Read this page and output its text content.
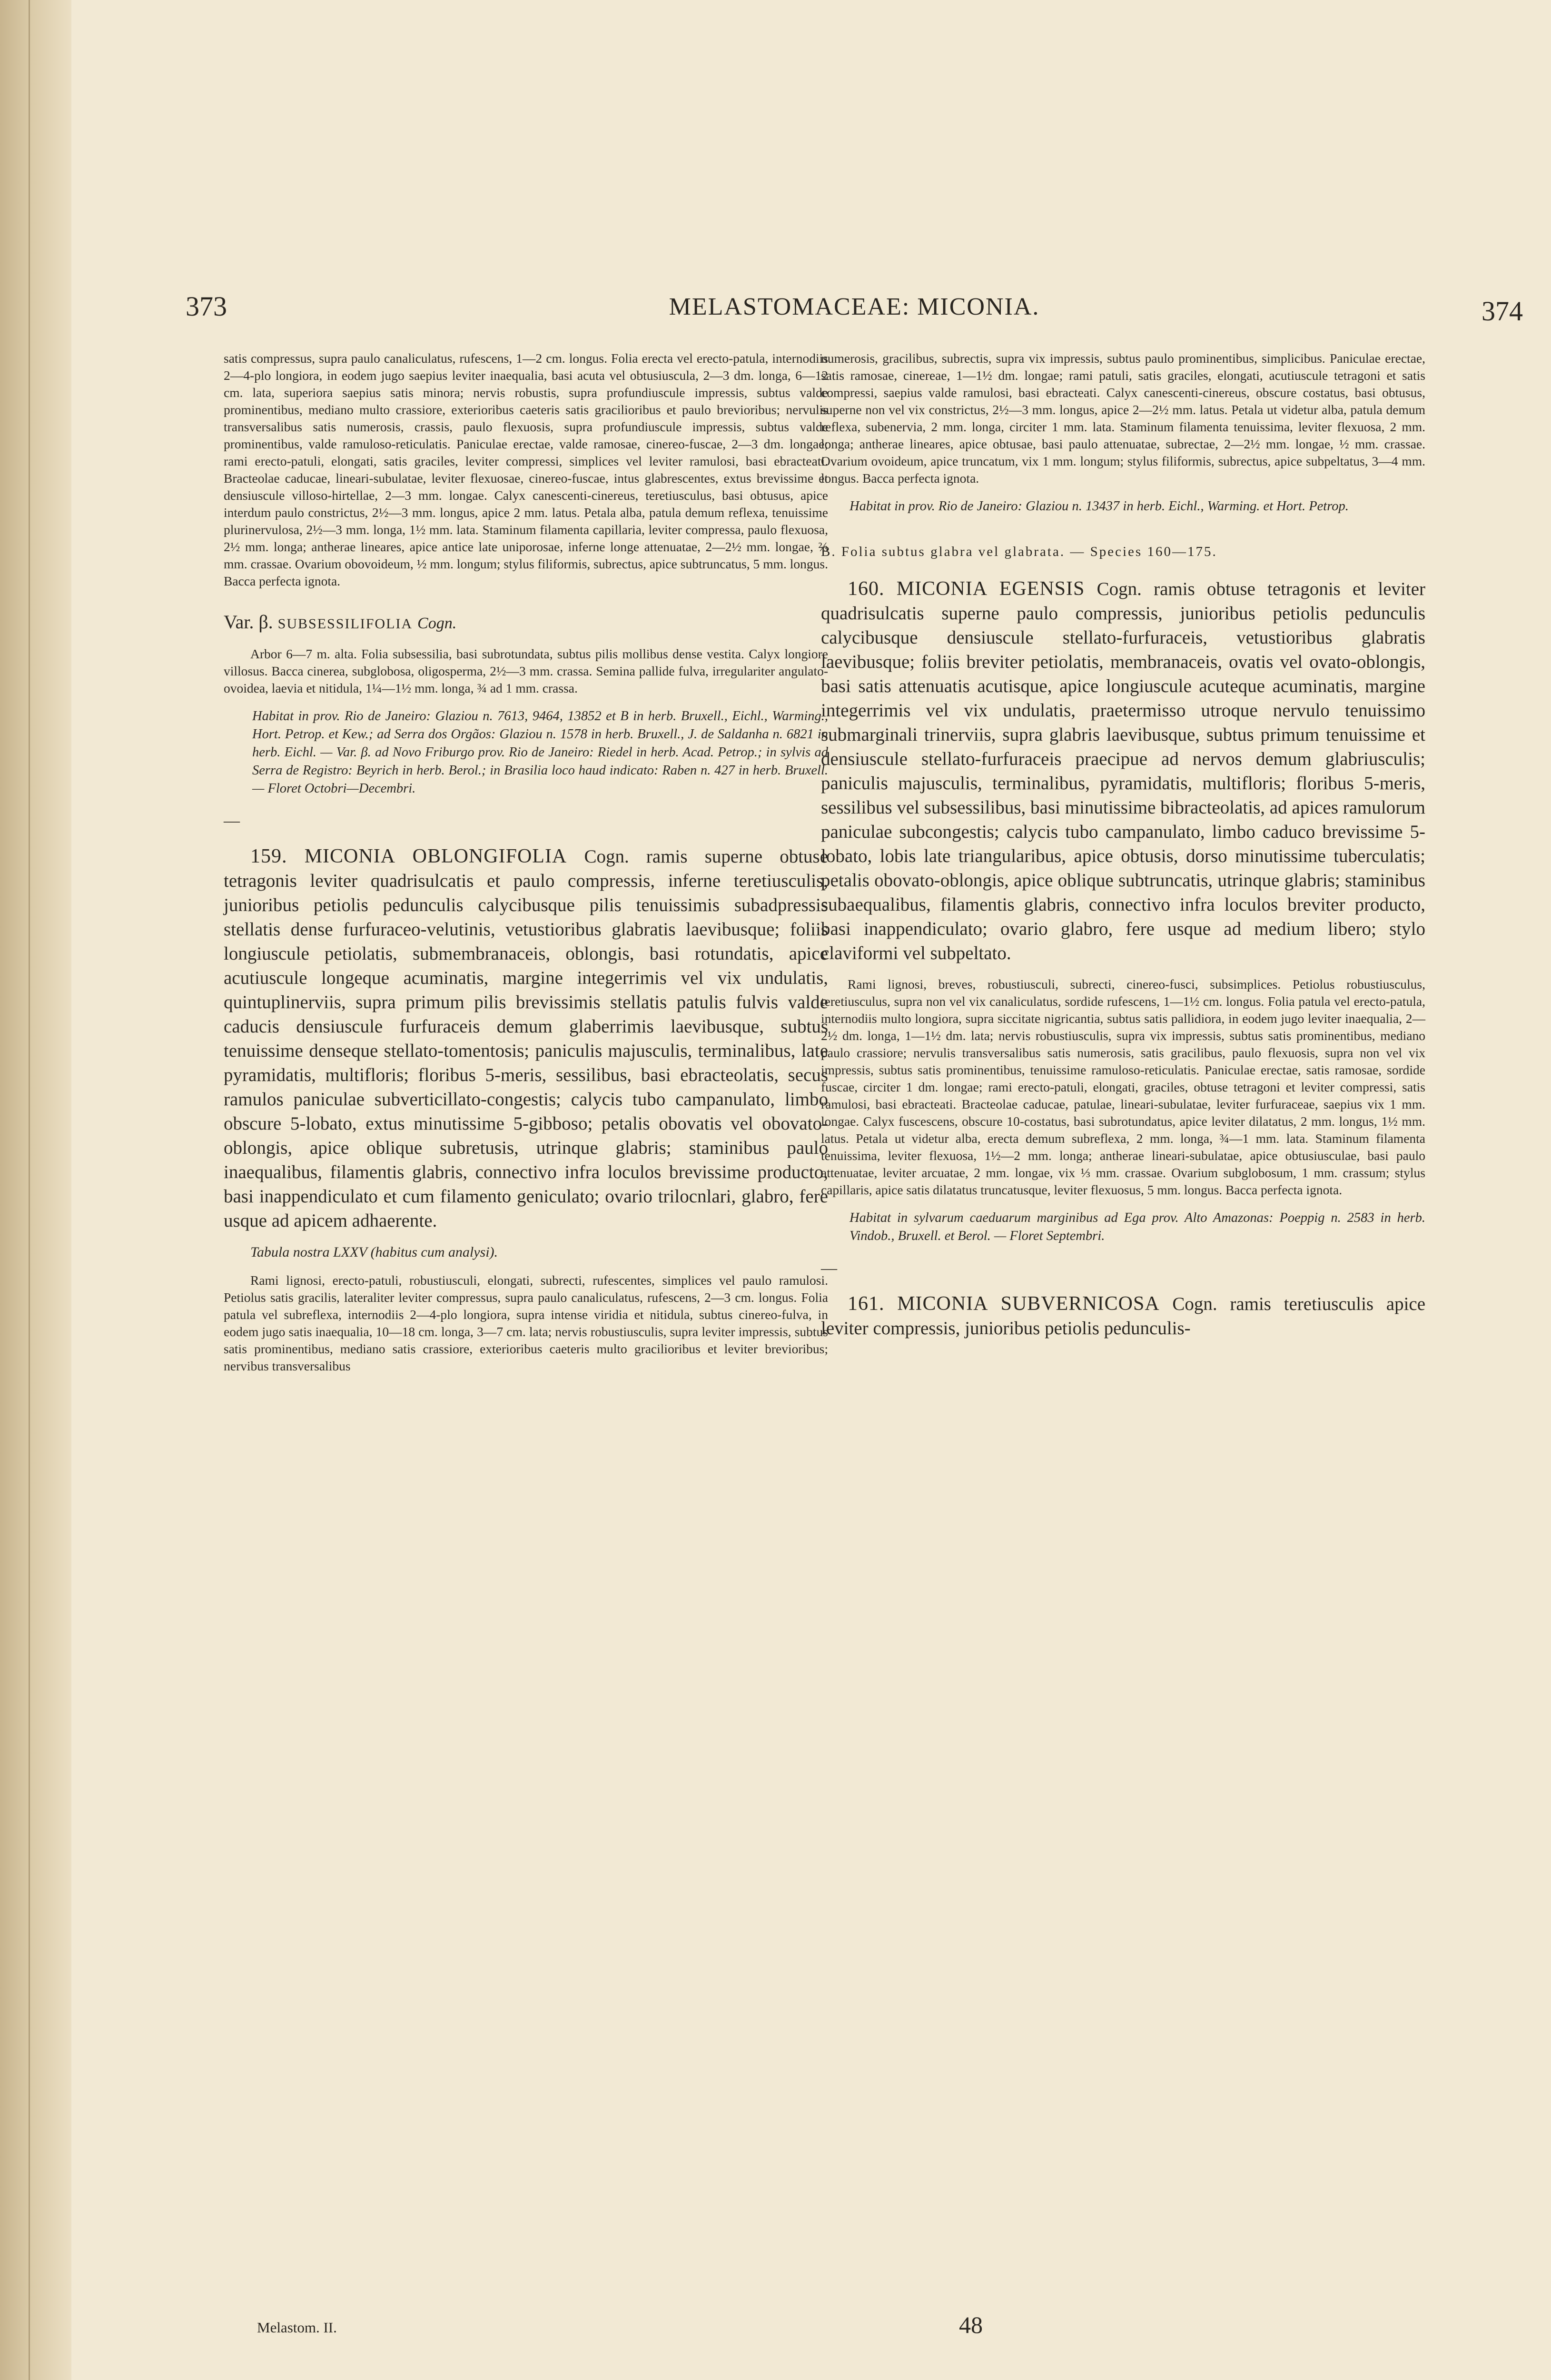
373	MELASTOMACEAE: MICONIA.	374

satis compressus, supra paulo canaliculatus, rufescens, 1—2 cm. longus. Folia erecta vel erecto-patula, internodiis 2—4-plo longiora, in eodem jugo saepius leviter inaequalia, basi acuta vel obtusiuscula, 2—3 dm. longa, 6—12 cm. lata, superiora saepius satis minora; nervis robustis, supra profundiuscule impressis, subtus valde prominentibus, mediano multo crassiore, exterioribus caeteris satis gracilioribus et paulo brevioribus; nervulis transversalibus satis numerosis, crassis, paulo flexuosis, supra profundiuscule impressis, subtus valde prominentibus, valde ramuloso-reticulatis. Paniculae erectae, valde ramosae, cinereo-fuscae, 2—3 dm. longae; rami erecto-patuli, elongati, satis graciles, leviter compressi, simplices vel leviter ramulosi, basi ebracteati. Bracteolae caducae, lineari-subulatae, leviter flexuosae, cinereo-fuscae, intus glabrescentes, extus brevissime et densiuscule villoso-hirtellae, 2—3 mm. longae. Calyx canescenti-cinereus, teretiusculus, basi obtusus, apice interdum paulo constrictus, 2½—3 mm. longus, apice 2 mm. latus. Petala alba, patula demum reflexa, tenuissime plurinervulosa, 2½—3 mm. longa, 1½ mm. lata. Staminum filamenta capillaria, leviter compressa, paulo flexuosa, 2½ mm. longa; antherae lineares, apice antice late uniporosae, inferne longe attenuatae, 2—2½ mm. longae, ⅔ mm. crassae. Ovarium obovoideum, ½ mm. longum; stylus filiformis, subrectus, apice subtruncatus, 5 mm. longus. Bacca perfecta ignota.

Var. β. SUBSESSILIFOLIA Cogn.

Arbor 6—7 m. alta. Folia subsessilia, basi subrotundata, subtus pilis mollibus dense vestita. Calyx longiore villosus. Bacca cinerea, subglobosa, oligosperma, 2½—3 mm. crassa. Semina pallide fulva, irregulariter angulato-ovoidea, laevia et nitidula, 1¼—1½ mm. longa, ¾ ad 1 mm. crassa.

Habitat in prov. Rio de Janeiro: Glaziou n. 7613, 9464, 13852 et B in herb. Bruxell., Eichl., Warming., Hort. Petrop. et Kew.; ad Serra dos Orgãos: Glaziou n. 1578 in herb. Bruxell., J. de Saldanha n. 6821 in herb. Eichl. — Var. β. ad Novo Friburgo prov. Rio de Janeiro: Riedel in herb. Acad. Petrop.; in sylvis ad Serra de Registro: Beyrich in herb. Berol.; in Brasilia loco haud indicato: Raben n. 427 in herb. Bruxell. — Floret Octobri—Decembri.

—

159. MICONIA OBLONGIFOLIA Cogn. ramis superne obtuse tetragonis leviter quadrisulcatis et paulo compressis, inferne teretiusculis, junioribus petiolis pedunculis calycibusque pilis tenuissimis subadpressis stellatis dense furfuraceo-velutinis, vetustioribus glabratis laevibusque; foliis longiuscule petiolatis, submembranaceis, oblongis, basi rotundatis, apice acutiuscule longeque acuminatis, margine integerrimis vel vix undulatis, quintuplinerviis, supra primum pilis brevissimis stellatis patulis fulvis valde caducis densiuscule furfuraceis demum glaberrimis laevibusque, subtus tenuissime denseque stellato-tomentosis; paniculis majusculis, terminalibus, late pyramidatis, multifloris; floribus 5-meris, sessilibus, basi ebracteolatis, secus ramulos paniculae subverticillato-congestis; calycis tubo campanulato, limbo obscure 5-lobato, extus minutissime 5-gibboso; petalis obovatis vel obovato-oblongis, apice oblique subretusis, utrinque glabris; staminibus paulo inaequalibus, filamentis glabris, connectivo infra loculos brevissime producto, basi inappendiculato et cum filamento geniculato; ovario trilocnlari, glabro, fere usque ad apicem adhaerente.

Tabula nostra LXXV (habitus cum analysi).

Rami lignosi, erecto-patuli, robustiusculi, elongati, subrecti, rufescentes, simplices vel paulo ramulosi. Petiolus satis gracilis, lateraliter leviter compressus, supra paulo canaliculatus, rufescens, 2—3 cm. longus. Folia patula vel subreflexa, internodiis 2—4-plo longiora, supra intense viridia et nitidula, subtus cinereo-fulva, in eodem jugo satis inaequalia, 10—18 cm. longa, 3—7 cm. lata; nervis robustiusculis, supra leviter impressis, subtus satis prominentibus, mediano satis crassiore, exterioribus caeteris multo gracilioribus et leviter brevioribus; nervibus transversalibus

Melastom. II.

numerosis, gracilibus, subrectis, supra vix impressis, subtus paulo prominentibus, simplicibus. Paniculae erectae, satis ramosae, cinereae, 1—1½ dm. longae; rami patuli, satis graciles, elongati, acutiuscule tetragoni et satis compressi, saepius valde ramulosi, basi ebracteati. Calyx canescenti-cinereus, obscure costatus, basi obtusus, superne non vel vix constrictus, 2½—3 mm. longus, apice 2—2½ mm. latus. Petala ut videtur alba, patula demum reflexa, subenervia, 2 mm. longa, circiter 1 mm. lata. Staminum filamenta tenuissima, leviter flexuosa, 2 mm. longa; antherae lineares, apice obtusae, basi paulo attenuatae, subrectae, 2—2½ mm. longae, ½ mm. crassae. Ovarium ovoideum, apice truncatum, vix 1 mm. longum; stylus filiformis, subrectus, apice subpeltatus, 3—4 mm. longus. Bacca perfecta ignota.

Habitat in prov. Rio de Janeiro: Glaziou n. 13437 in herb. Eichl., Warming. et Hort. Petrop.

B. Folia subtus glabra vel glabrata. — Species 160—175.

160. MICONIA EGENSIS Cogn. ramis obtuse tetragonis et leviter quadrisulcatis superne paulo compressis, junioribus petiolis pedunculis calycibusque densiuscule stellato-furfuraceis, vetustioribus glabratis laevibusque; foliis breviter petiolatis, membranaceis, ovatis vel ovato-oblongis, basi satis attenuatis acutisque, apice longiuscule acuteque acuminatis, margine integerrimis vel vix undulatis, praetermisso utroque nervulo tenuissimo submarginali trinerviis, supra glabris laevibusque, subtus primum tenuissime et densiuscule stellato-furfuraceis praecipue ad nervos demum glabriusculis; paniculis majusculis, terminalibus, pyramidatis, multifloris; floribus 5-meris, sessilibus vel subsessilibus, basi minutissime bibracteolatis, ad apices ramulorum paniculae subcongestis; calycis tubo campanulato, limbo caduco brevissime 5-lobato, lobis late triangularibus, apice obtusis, dorso minutissime tuberculatis; petalis obovato-oblongis, apice oblique subtruncatis, utrinque glabris; staminibus subaequalibus, filamentis glabris, connectivo infra loculos breviter producto, basi inappendiculato; ovario glabro, fere usque ad medium libero; stylo claviformi vel subpeltato.

Rami lignosi, breves, robustiusculi, subrecti, cinereo-fusci, subsimplices. Petiolus robustiusculus, teretiusculus, supra non vel vix canaliculatus, sordide rufescens, 1—1½ cm. longus. Folia patula vel erecto-patula, internodiis multo longiora, supra siccitate nigricantia, subtus satis pallidiora, in eodem jugo leviter inaequalia, 2—2½ dm. longa, 1—1½ dm. lata; nervis robustiusculis, supra vix impressis, subtus satis prominentibus, mediano paulo crassiore; nervulis transversalibus satis numerosis, satis gracilibus, paulo flexuosis, supra non vel vix impressis, subtus satis prominentibus, tenuissime ramuloso-reticulatis. Paniculae erectae, satis ramosae, sordide fuscae, circiter 1 dm. longae; rami erecto-patuli, elongati, graciles, obtuse tetragoni et leviter compressi, satis ramulosi, basi ebracteati. Bracteolae caducae, patulae, lineari-subulatae, leviter furfuraceae, saepius vix 1 mm. longae. Calyx fuscescens, obscure 10-costatus, basi subrotundatus, apice leviter dilatatus, 2 mm. longus, 1½ mm. latus. Petala ut videtur alba, erecta demum subreflexa, 2 mm. longa, ¾—1 mm. lata. Staminum filamenta tenuissima, leviter flexuosa, 1½—2 mm. longa; antherae lineari-subulatae, apice obtusiusculae, basi paulo attenuatae, leviter arcuatae, 2 mm. longae, vix ⅓ mm. crassae. Ovarium subglobosum, 1 mm. crassum; stylus capillaris, apice satis dilatatus truncatusque, leviter flexuosus, 5 mm. longus. Bacca perfecta ignota.

Habitat in sylvarum caeduarum marginibus ad Ega prov. Alto Amazonas: Poeppig n. 2583 in herb. Vindob., Bruxell. et Berol. — Floret Septembri.

—

161. MICONIA SUBVERNICOSA Cogn. ramis teretiusculis apice leviter compressis, junioribus petiolis pedunculis-

48
